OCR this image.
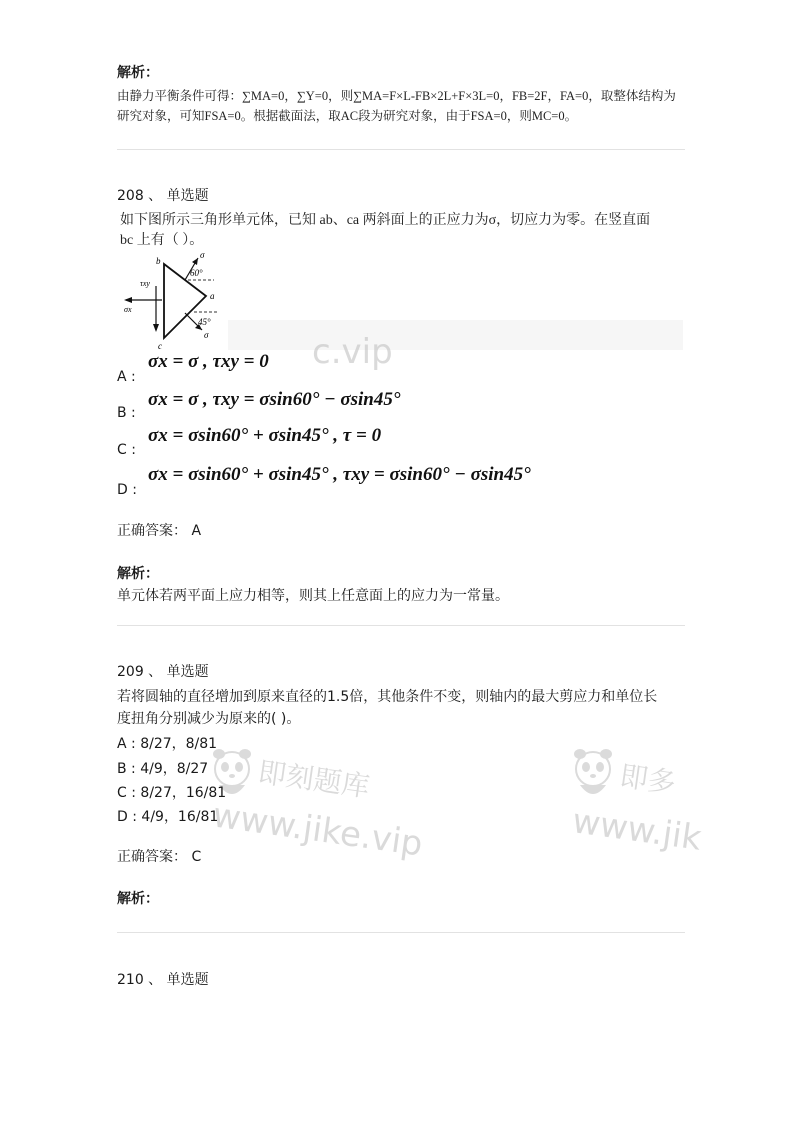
解析：
由静力平衡条件可得：∑MA=0，∑Y=0，则∑MA=F×L-FB×2L+F×3L=0，FB=2F，FA=0，取整体结构为
研究对象，可知FSA=0。根据截面法，取AC段为研究对象，由于FSA=0，则MC=0。
208 、 单选题
如下图所示三角形单元体，已知 ab、ca 两斜面上的正应力为σ，切应力为零。在竖直面
bc 上有（ ）。
b
a
c
σ
σ
60°
45°
τxy
σx
c.vip
A :
σx = σ , τxy = 0
B :
σx = σ , τxy = σsin60° − σsin45°
C :
σx = σsin60° + σsin45° , τ = 0
D :
σx = σsin60° + σsin45° , τxy = σsin60° − σsin45°
正确答案： A
解析：
单元体若两平面上应力相等，则其上任意面上的应力为一常量。
209 、 单选题
若将圆轴的直径增加到原来直径的1.5倍，其他条件不变，则轴内的最大剪应力和单位长
度扭角分别减少为原来的( )。
即刻题库
www.jike.vip
即多
www.jik
A : 8/27，8/81
B : 4/9，8/27
C : 8/27，16/81
D : 4/9，16/81
正确答案： C
解析：
210 、 单选题
